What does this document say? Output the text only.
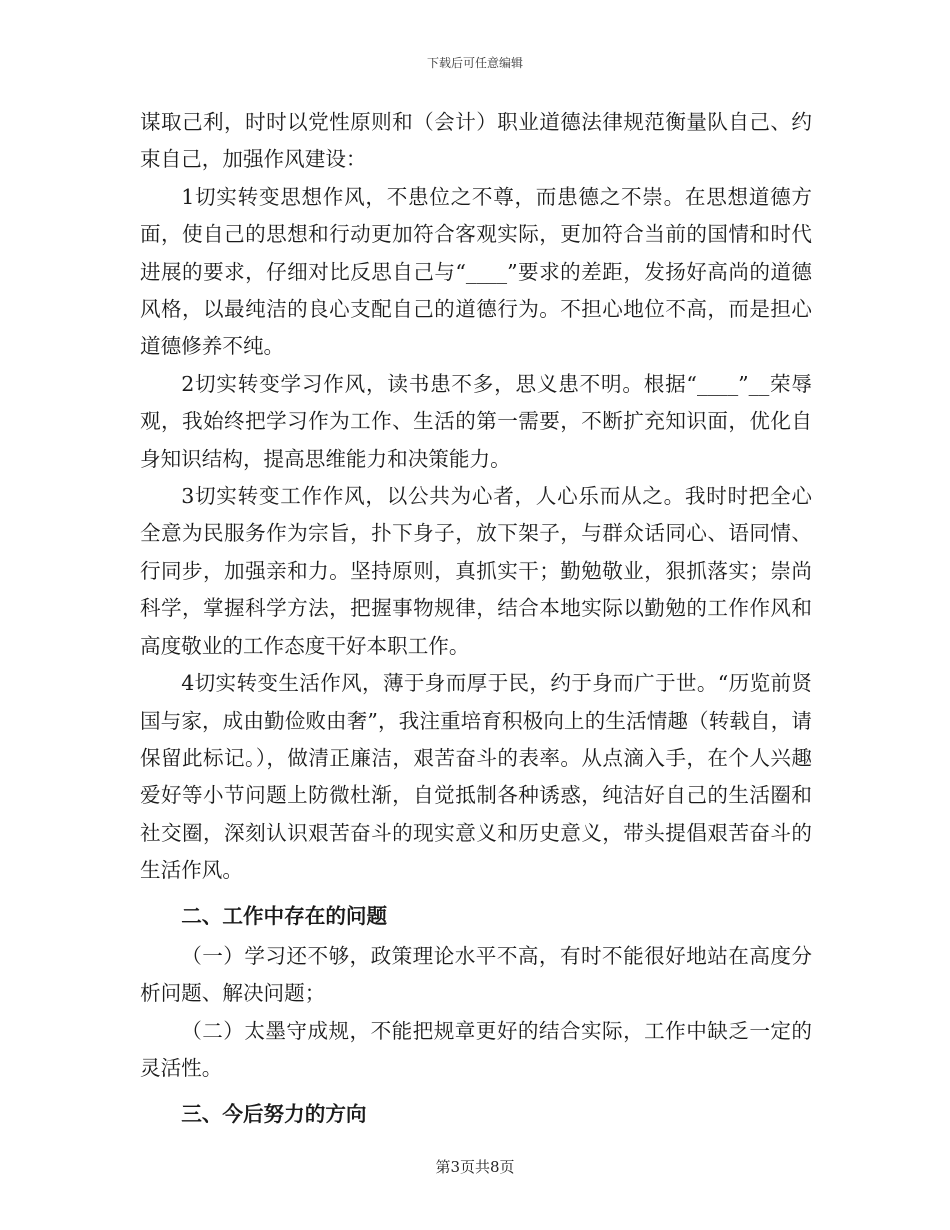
下载后可任意编辑

谋取己利，时时以党性原则和（会计）职业道德法律规范衡量队自己、约束自己，加强作风建设：

1切实转变思想作风，不患位之不尊，而患德之不崇。在思想道德方面，使自己的思想和行动更加符合客观实际，更加符合当前的国情和时代进展的要求，仔细对比反思自己与“____”要求的差距，发扬好高尚的道德风格，以最纯洁的良心支配自己的道德行为。不担心地位不高，而是担心道德修养不纯。

2切实转变学习作风，读书患不多，思义患不明。根据“____”__荣辱观，我始终把学习作为工作、生活的第一需要，不断扩充知识面，优化自身知识结构，提高思维能力和决策能力。

3切实转变工作作风，以公共为心者，人心乐而从之。我时时把全心全意为民服务作为宗旨，扑下身子，放下架子，与群众话同心、语同情、行同步，加强亲和力。坚持原则，真抓实干；勤勉敬业，狠抓落实；崇尚科学，掌握科学方法，把握事物规律，结合本地实际以勤勉的工作作风和高度敬业的工作态度干好本职工作。

4切实转变生活作风，薄于身而厚于民，约于身而广于世。“历览前贤国与家，成由勤俭败由奢”，我注重培育积极向上的生活情趣（转载自，请保留此标记。），做清正廉洁，艰苦奋斗的表率。从点滴入手，在个人兴趣爱好等小节问题上防微杜渐，自觉抵制各种诱惑，纯洁好自己的生活圈和社交圈，深刻认识艰苦奋斗的现实意义和历史意义，带头提倡艰苦奋斗的生活作风。

二、工作中存在的问题

（一）学习还不够，政策理论水平不高，有时不能很好地站在高度分析问题、解决问题；

（二）太墨守成规，不能把规章更好的结合实际，工作中缺乏一定的灵活性。

三、今后努力的方向
第3页共8页
